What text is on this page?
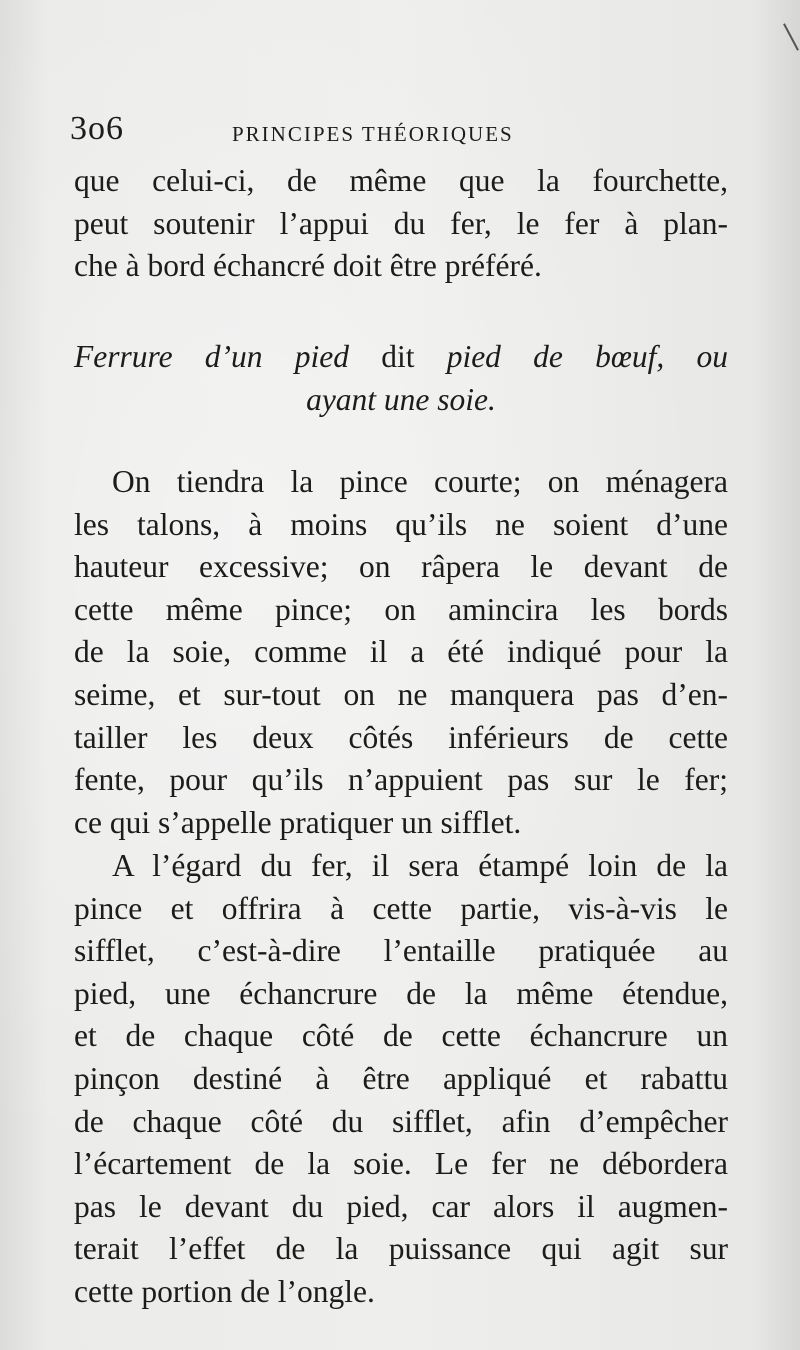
3o6	PRINCIPES THÉORIQUES

que celui-ci, de même que la fourchette,
peut soutenir l’appui du fer, le fer à plan-
che à bord échancré doit être préféré.

Ferrure d’un pied dit pied de bœuf, ou
ayant une soie.

On tiendra la pince courte; on ménagera
les talons, à moins qu’ils ne soient d’une
hauteur excessive; on râpera le devant de
cette même pince; on amincira les bords
de la soie, comme il a été indiqué pour la
seime, et sur-tout on ne manquera pas d’en-
tailler les deux côtés inférieurs de cette
fente, pour qu’ils n’appuient pas sur le fer;
ce qui s’appelle pratiquer un sifflet.

A l’égard du fer, il sera étampé loin de la
pince et offrira à cette partie, vis-à-vis le
sifflet, c’est-à-dire l’entaille pratiquée au
pied, une échancrure de la même étendue,
et de chaque côté de cette échancrure un
pinçon destiné à être appliqué et rabattu
de chaque côté du sifflet, afin d’empêcher
l’écartement de la soie. Le fer ne débordera
pas le devant du pied, car alors il augmen-
terait l’effet de la puissance qui agit sur
cette portion de l’ongle.
